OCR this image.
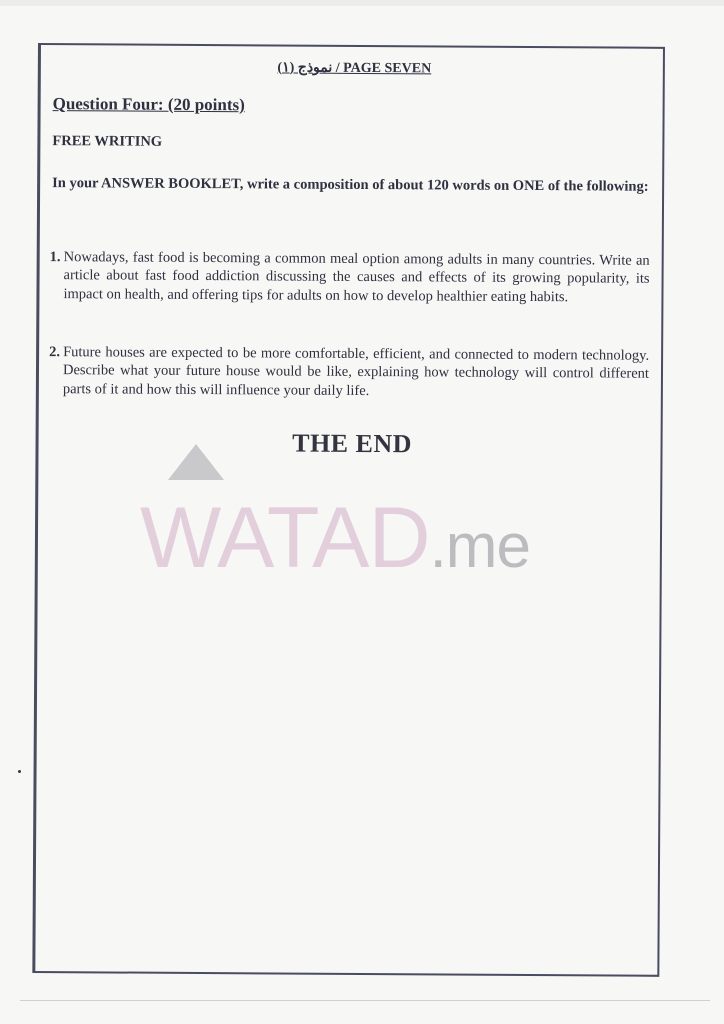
نموذج (١) / PAGE SEVEN
Question Four: (20 points)
FREE WRITING
In your ANSWER BOOKLET, write a composition of about 120 words on ONE of the following:
1. Nowadays, fast food is becoming a common meal option among adults in many countries. Write an article about fast food addiction discussing the causes and effects of its growing popularity, its impact on health, and offering tips for adults on how to develop healthier eating habits.
2. Future houses are expected to be more comfortable, efficient, and connected to modern technology. Describe what your future house would be like, explaining how technology will control different parts of it and how this will influence your daily life.
THE END
WATAD.me
